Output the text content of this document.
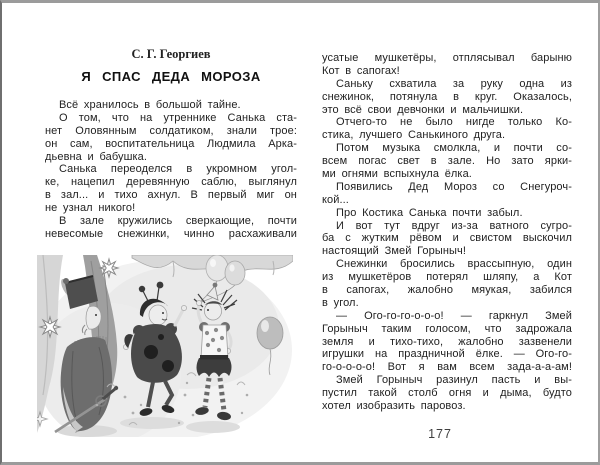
С. Г. Георгиев
Я СПАС ДЕДА МОРОЗА
Всё хранилось в большой тайне.
О том, что на утреннике Санька ста-
нет Оловянным солдатиком, знали трое:
он сам, воспитательница Людмила Арка-
дьевна и бабушка.
Санька переоделся в укромном угол-
ке, нацепил деревянную саблю, выглянул
в зал... и тихо ахнул. В первый миг он
не узнал никого!
В зале кружились сверкающие, почти
невесомые снежинки, чинно расхаживали
усатые мушкетёры, отплясывал барыню
Кот в сапогах!
Саньку схватила за руку одна из
снежинок, потянула в круг. Оказалось,
это всё свои девчонки и мальчишки.
Отчего-то не было нигде только Ко-
стика, лучшего Санькиного друга.
Потом музыка смолкла, и почти со-
всем погас свет в зале. Но зато ярки-
ми огнями вспыхнула ёлка.
Появились Дед Мороз со Снегуроч-
кой...
Про Костика Санька почти забыл.
И вот тут вдруг из-за ватного сугро-
ба с жутким рёвом и свистом выскочил
настоящий Змей Горыныч!
Снежинки бросились врассыпную, один
из мушкетёров потерял шляпу, а Кот
в сапогах, жалобно мяукая, забился
в угол.
— Ого-го-го-о-о-о! — гаркнул Змей
Горыныч таким голосом, что задрожала
земля и тихо-тихо, жалобно зазвенели
игрушки на праздничной ёлке. — Ого-го-
го-о-о-о-о! Вот я вам всем зада-а-а-ам!
Змей Горыныч разинул пасть и вы-
пустил такой столб огня и дыма, будто
хотел изобразить паровоз.
177
